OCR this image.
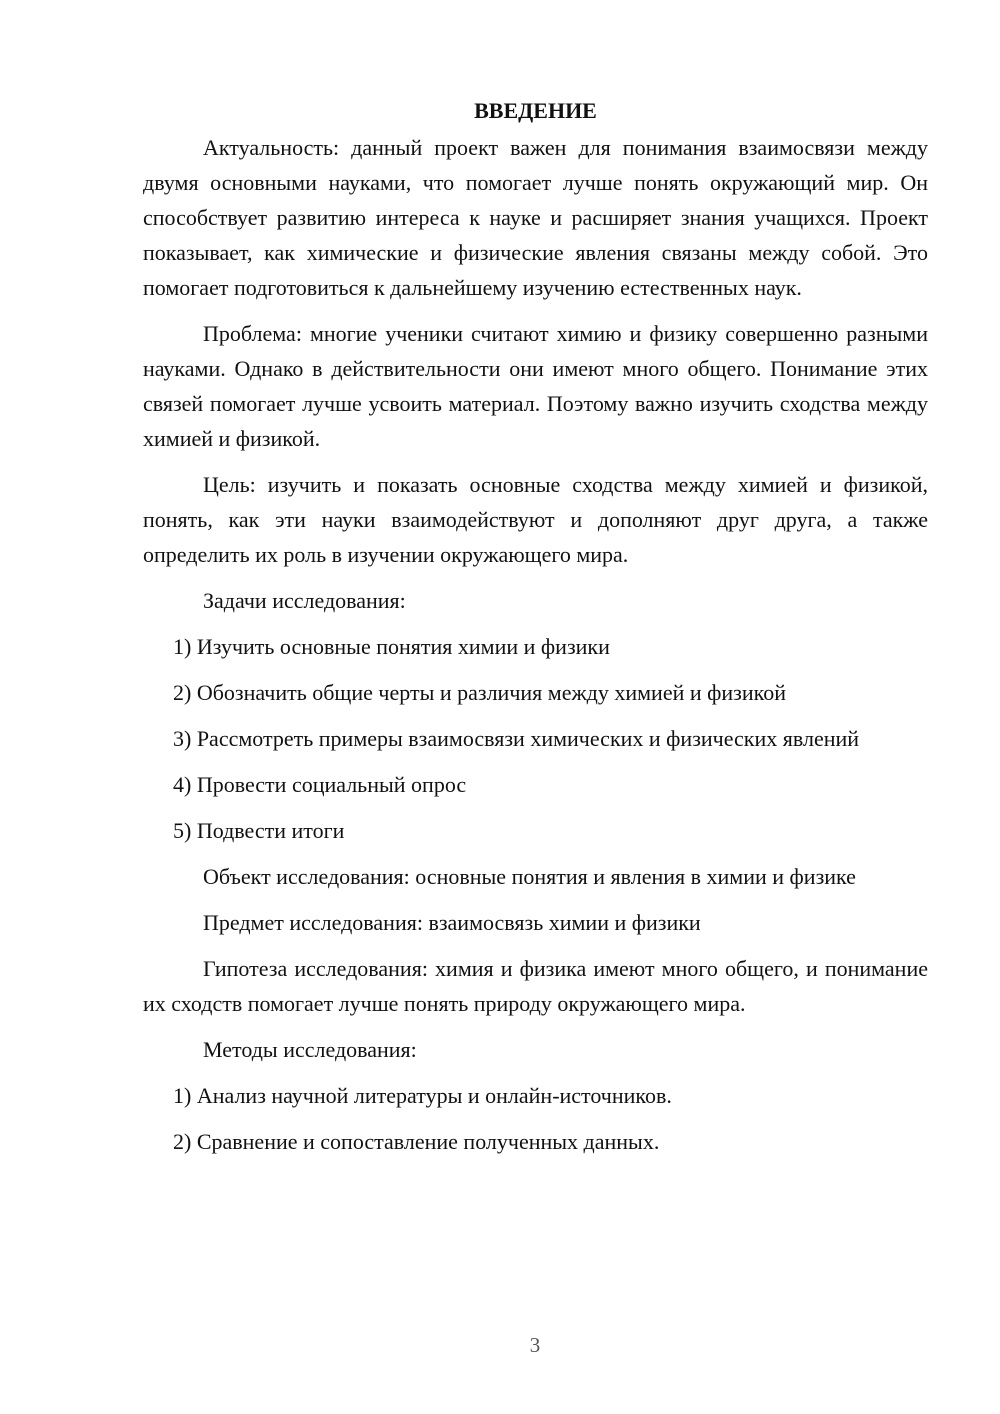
ВВЕДЕНИЕ

Актуальность: данный проект важен для понимания взаимосвязи между двумя основными науками, что помогает лучше понять окружающий мир. Он способствует развитию интереса к науке и расширяет знания учащихся. Проект показывает, как химические и физические явления связаны между собой. Это помогает подготовиться к дальнейшему изучению естественных наук.

Проблема: многие ученики считают химию и физику совершенно разными науками. Однако в действительности они имеют много общего. Понимание этих связей помогает лучше усвоить материал. Поэтому важно изучить сходства между химией и физикой.

Цель: изучить и показать основные сходства между химией и физикой, понять, как эти науки взаимодействуют и дополняют друг друга, а также определить их роль в изучении окружающего мира.

Задачи исследования:

1) Изучить основные понятия химии и физики

2) Обозначить общие черты и различия между химией и физикой

3) Рассмотреть примеры взаимосвязи химических и физических явлений

4) Провести социальный опрос

5) Подвести итоги

Объект исследования: основные понятия и явления в химии и физике

Предмет исследования: взаимосвязь химии и физики

Гипотеза исследования: химия и физика имеют много общего, и понимание их сходств помогает лучше понять природу окружающего мира.

Методы исследования:

1) Анализ научной литературы и онлайн-источников.

2) Сравнение и сопоставление полученных данных.

3
